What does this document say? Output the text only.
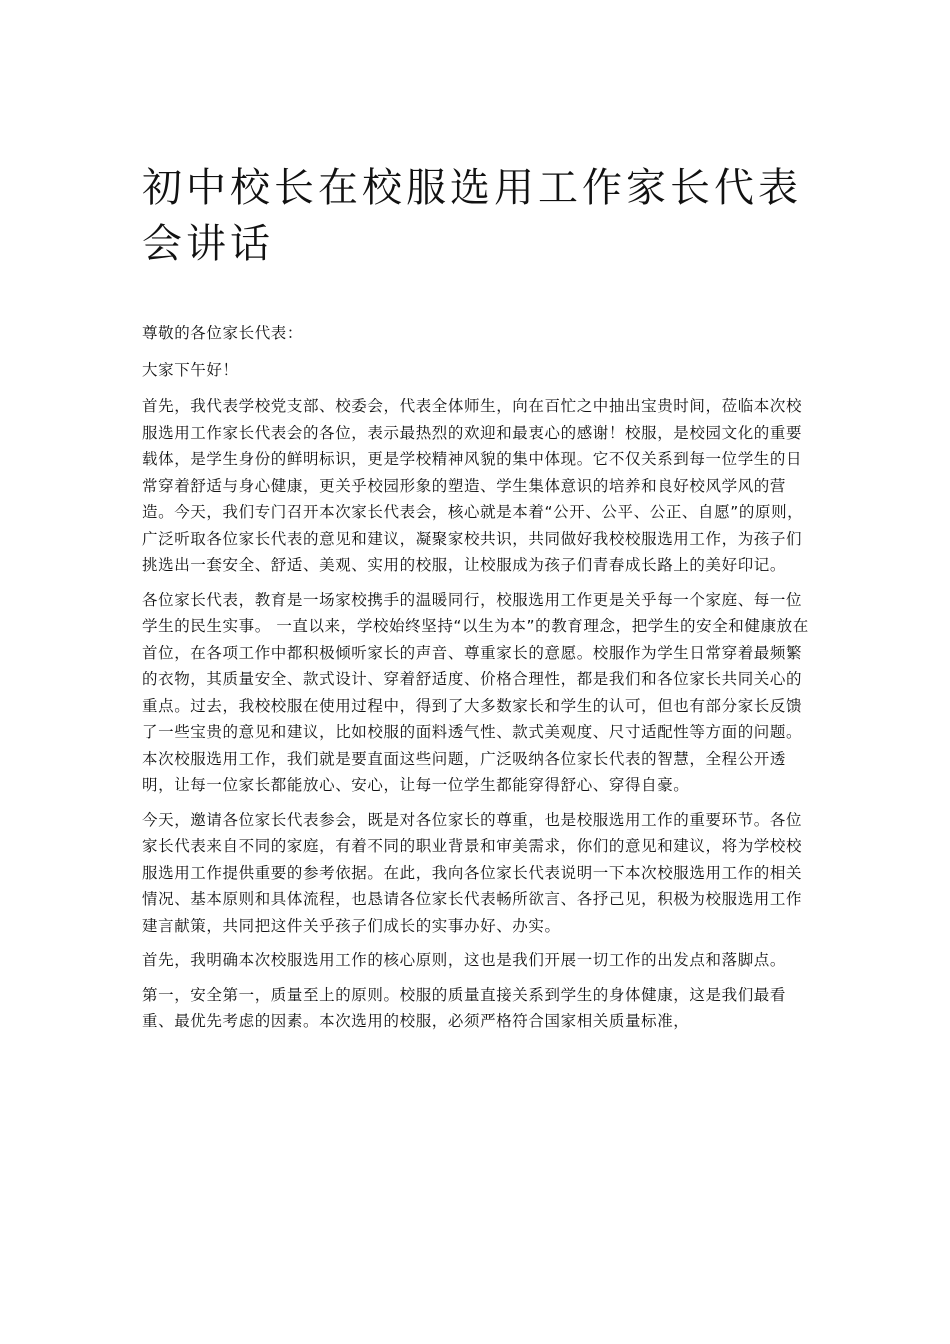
初中校长在校服选用工作家长代表会讲话

尊敬的各位家长代表：

大家下午好！

首先，我代表学校党支部、校委会，代表全体师生，向在百忙之中抽出宝贵时间，莅临本次校服选用工作家长代表会的各位，表示最热烈的欢迎和最衷心的感谢！校服，是校园文化的重要载体，是学生身份的鲜明标识，更是学校精神风貌的集中体现。它不仅关系到每一位学生的日常穿着舒适与身心健康，更关乎校园形象的塑造、学生集体意识的培养和良好校风学风的营造。今天，我们专门召开本次家长代表会，核心就是本着“公开、公平、公正、自愿”的原则，广泛听取各位家长代表的意见和建议，凝聚家校共识，共同做好我校校服选用工作，为孩子们挑选出一套安全、舒适、美观、实用的校服，让校服成为孩子们青春成长路上的美好印记。

各位家长代表，教育是一场家校携手的温暖同行，校服选用工作更是关乎每一个家庭、每一位学生的民生实事。 一直以来，学校始终坚持“以生为本”的教育理念，把学生的安全和健康放在首位，在各项工作中都积极倾听家长的声音、尊重家长的意愿。校服作为学生日常穿着最频繁的衣物，其质量安全、款式设计、穿着舒适度、价格合理性，都是我们和各位家长共同关心的重点。过去，我校校服在使用过程中，得到了大多数家长和学生的认可，但也有部分家长反馈了一些宝贵的意见和建议，比如校服的面料透气性、款式美观度、尺寸适配性等方面的问题。本次校服选用工作，我们就是要直面这些问题，广泛吸纳各位家长代表的智慧，全程公开透明，让每一位家长都能放心、安心，让每一位学生都能穿得舒心、穿得自豪。

今天，邀请各位家长代表参会，既是对各位家长的尊重，也是校服选用工作的重要环节。各位家长代表来自不同的家庭，有着不同的职业背景和审美需求，你们的意见和建议，将为学校校服选用工作提供重要的参考依据。在此，我向各位家长代表说明一下本次校服选用工作的相关情况、基本原则和具体流程，也恳请各位家长代表畅所欲言、各抒己见，积极为校服选用工作建言献策，共同把这件关乎孩子们成长的实事办好、办实。

首先，我明确本次校服选用工作的核心原则，这也是我们开展一切工作的出发点和落脚点。

第一，安全第一，质量至上的原则。校服的质量直接关系到学生的身体健康，这是我们最看重、最优先考虑的因素。本次选用的校服，必须严格符合国家相关质量标准，
